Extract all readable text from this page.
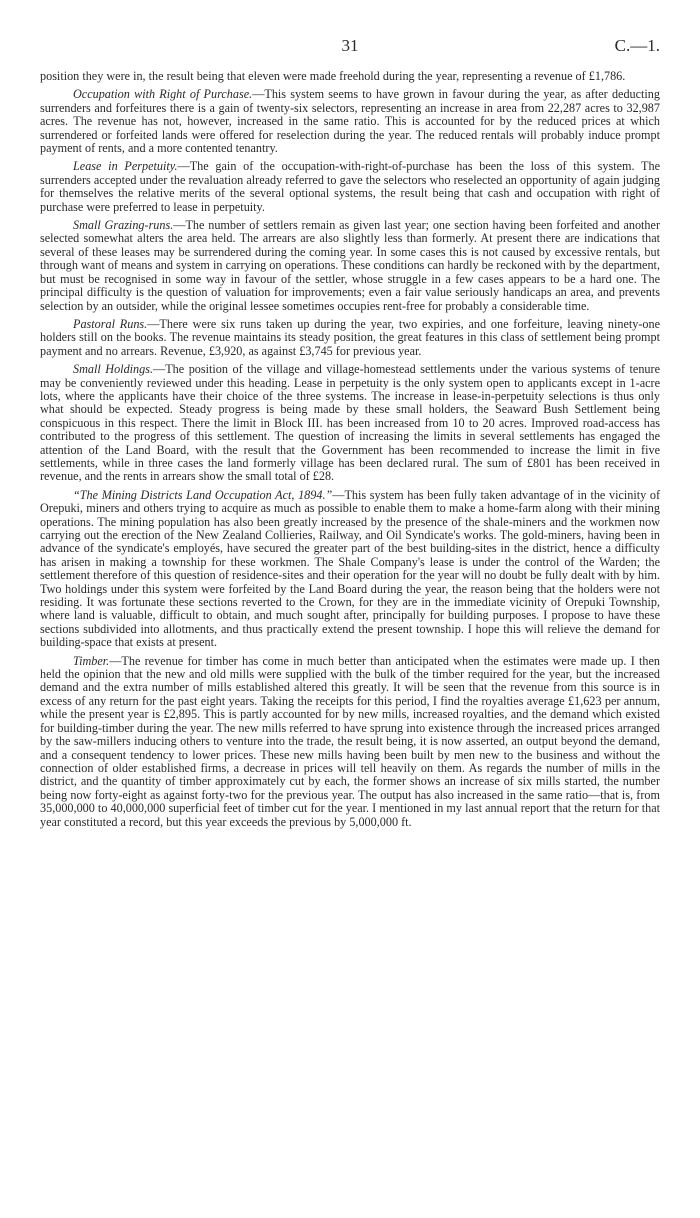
31	C.—1.

position they were in, the result being that eleven were made freehold during the year, representing a revenue of £1,786.

Occupation with Right of Purchase.—This system seems to have grown in favour during the year, as after deducting surrenders and forfeitures there is a gain of twenty-six selectors, representing an increase in area from 22,287 acres to 32,987 acres. The revenue has not, however, increased in the same ratio. This is accounted for by the reduced prices at which surrendered or forfeited lands were offered for reselection during the year. The reduced rentals will probably induce prompt payment of rents, and a more contented tenantry.

Lease in Perpetuity.—The gain of the occupation-with-right-of-purchase has been the loss of this system. The surrenders accepted under the revaluation already referred to gave the selectors who reselected an opportunity of again judging for themselves the relative merits of the several optional systems, the result being that cash and occupation with right of purchase were preferred to lease in perpetuity.

Small Grazing-runs.—The number of settlers remain as given last year; one section having been forfeited and another selected somewhat alters the area held. The arrears are also slightly less than formerly. At present there are indications that several of these leases may be surrendered during the coming year. In some cases this is not caused by excessive rentals, but through want of means and system in carrying on operations. These conditions can hardly be reckoned with by the department, but must be recognised in some way in favour of the settler, whose struggle in a few cases appears to be a hard one. The principal difficulty is the question of valuation for improvements; even a fair value seriously handicaps an area, and prevents selection by an outsider, while the original lessee sometimes occupies rent-free for probably a considerable time.

Pastoral Runs.—There were six runs taken up during the year, two expiries, and one forfeiture, leaving ninety-one holders still on the books. The revenue maintains its steady position, the great features in this class of settlement being prompt payment and no arrears. Revenue, £3,920, as against £3,745 for previous year.

Small Holdings.—The position of the village and village-homestead settlements under the various systems of tenure may be conveniently reviewed under this heading. Lease in perpetuity is the only system open to applicants except in 1-acre lots, where the applicants have their choice of the three systems. The increase in lease-in-perpetuity selections is thus only what should be expected. Steady progress is being made by these small holders, the Seaward Bush Settlement being conspicuous in this respect. There the limit in Block III. has been increased from 10 to 20 acres. Improved road-access has contributed to the progress of this settlement. The question of increasing the limits in several settlements has engaged the attention of the Land Board, with the result that the Government has been recommended to increase the limit in five settlements, while in three cases the land formerly village has been declared rural. The sum of £801 has been received in revenue, and the rents in arrears show the small total of £28.

“The Mining Districts Land Occupation Act, 1894.”—This system has been fully taken advantage of in the vicinity of Orepuki, miners and others trying to acquire as much as possible to enable them to make a home-farm along with their mining operations. The mining population has also been greatly increased by the presence of the shale-miners and the workmen now carrying out the erection of the New Zealand Collieries, Railway, and Oil Syndicate's works. The gold-miners, having been in advance of the syndicate's employés, have secured the greater part of the best building-sites in the district, hence a difficulty has arisen in making a township for these workmen. The Shale Company's lease is under the control of the Warden; the settlement therefore of this question of residence-sites and their operation for the year will no doubt be fully dealt with by him. Two holdings under this system were forfeited by the Land Board during the year, the reason being that the holders were not residing. It was fortunate these sections reverted to the Crown, for they are in the immediate vicinity of Orepuki Township, where land is valuable, difficult to obtain, and much sought after, principally for building purposes. I propose to have these sections subdivided into allotments, and thus practically extend the present township. I hope this will relieve the demand for building-space that exists at present.

Timber.—The revenue for timber has come in much better than anticipated when the estimates were made up. I then held the opinion that the new and old mills were supplied with the bulk of the timber required for the year, but the increased demand and the extra number of mills established altered this greatly. It will be seen that the revenue from this source is in excess of any return for the past eight years. Taking the receipts for this period, I find the royalties average £1,623 per annum, while the present year is £2,895. This is partly accounted for by new mills, increased royalties, and the demand which existed for building-timber during the year. The new mills referred to have sprung into existence through the increased prices arranged by the saw-millers inducing others to venture into the trade, the result being, it is now asserted, an output beyond the demand, and a consequent tendency to lower prices. These new mills having been built by men new to the business and without the connection of older established firms, a decrease in prices will tell heavily on them. As regards the number of mills in the district, and the quantity of timber approximately cut by each, the former shows an increase of six mills started, the number being now forty-eight as against forty-two for the previous year. The output has also increased in the same ratio—that is, from 35,000,000 to 40,000,000 superficial feet of timber cut for the year. I mentioned in my last annual report that the return for that year constituted a record, but this year exceeds the previous by 5,000,000 ft.
